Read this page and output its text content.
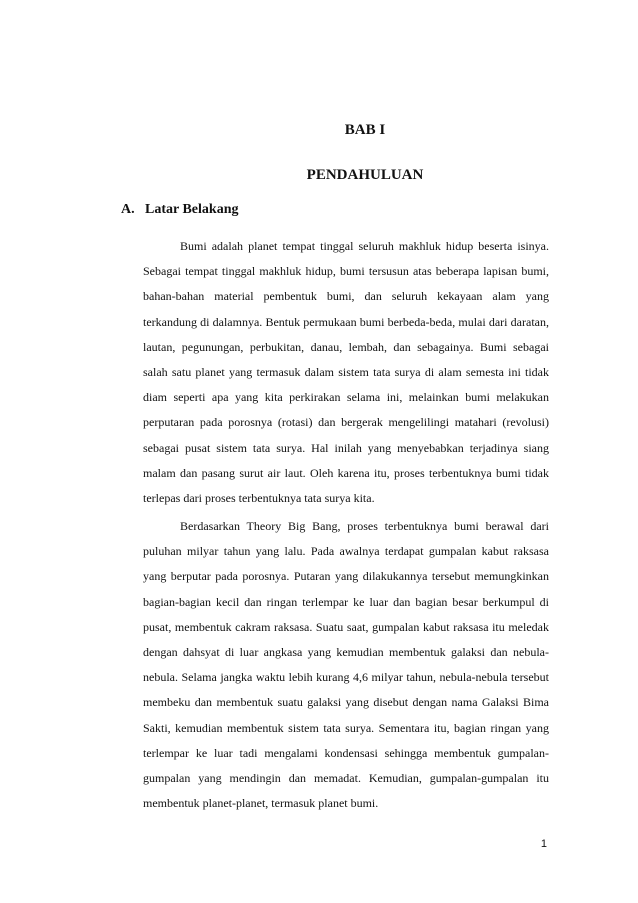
BAB I
PENDAHULUAN
A. Latar Belakang

Bumi adalah planet tempat tinggal seluruh makhluk hidup beserta isinya. Sebagai tempat tinggal makhluk hidup, bumi tersusun atas beberapa lapisan bumi, bahan-bahan material pembentuk bumi, dan seluruh kekayaan alam yang terkandung di dalamnya. Bentuk permukaan bumi berbeda-beda, mulai dari daratan, lautan, pegunungan, perbukitan, danau, lembah, dan sebagainya. Bumi sebagai salah satu planet yang termasuk dalam sistem tata surya di alam semesta ini tidak diam seperti apa yang kita perkirakan selama ini, melainkan bumi melakukan perputaran pada porosnya (rotasi) dan bergerak mengelilingi matahari (revolusi) sebagai pusat sistem tata surya. Hal inilah yang menyebabkan terjadinya siang malam dan pasang surut air laut. Oleh karena itu, proses terbentuknya bumi tidak terlepas dari proses terbentuknya tata surya kita.

Berdasarkan Theory Big Bang, proses terbentuknya bumi berawal dari puluhan milyar tahun yang lalu. Pada awalnya terdapat gumpalan kabut raksasa yang berputar pada porosnya. Putaran yang dilakukannya tersebut memungkinkan bagian-bagian kecil dan ringan terlempar ke luar dan bagian besar berkumpul di pusat, membentuk cakram raksasa. Suatu saat, gumpalan kabut raksasa itu meledak dengan dahsyat di luar angkasa yang kemudian membentuk galaksi dan nebula-nebula. Selama jangka waktu lebih kurang 4,6 milyar tahun, nebula-nebula tersebut membeku dan membentuk suatu galaksi yang disebut dengan nama Galaksi Bima Sakti, kemudian membentuk sistem tata surya. Sementara itu, bagian ringan yang terlempar ke luar tadi mengalami kondensasi sehingga membentuk gumpalan-gumpalan yang mendingin dan memadat. Kemudian, gumpalan-gumpalan itu membentuk planet-planet, termasuk planet bumi.

1
